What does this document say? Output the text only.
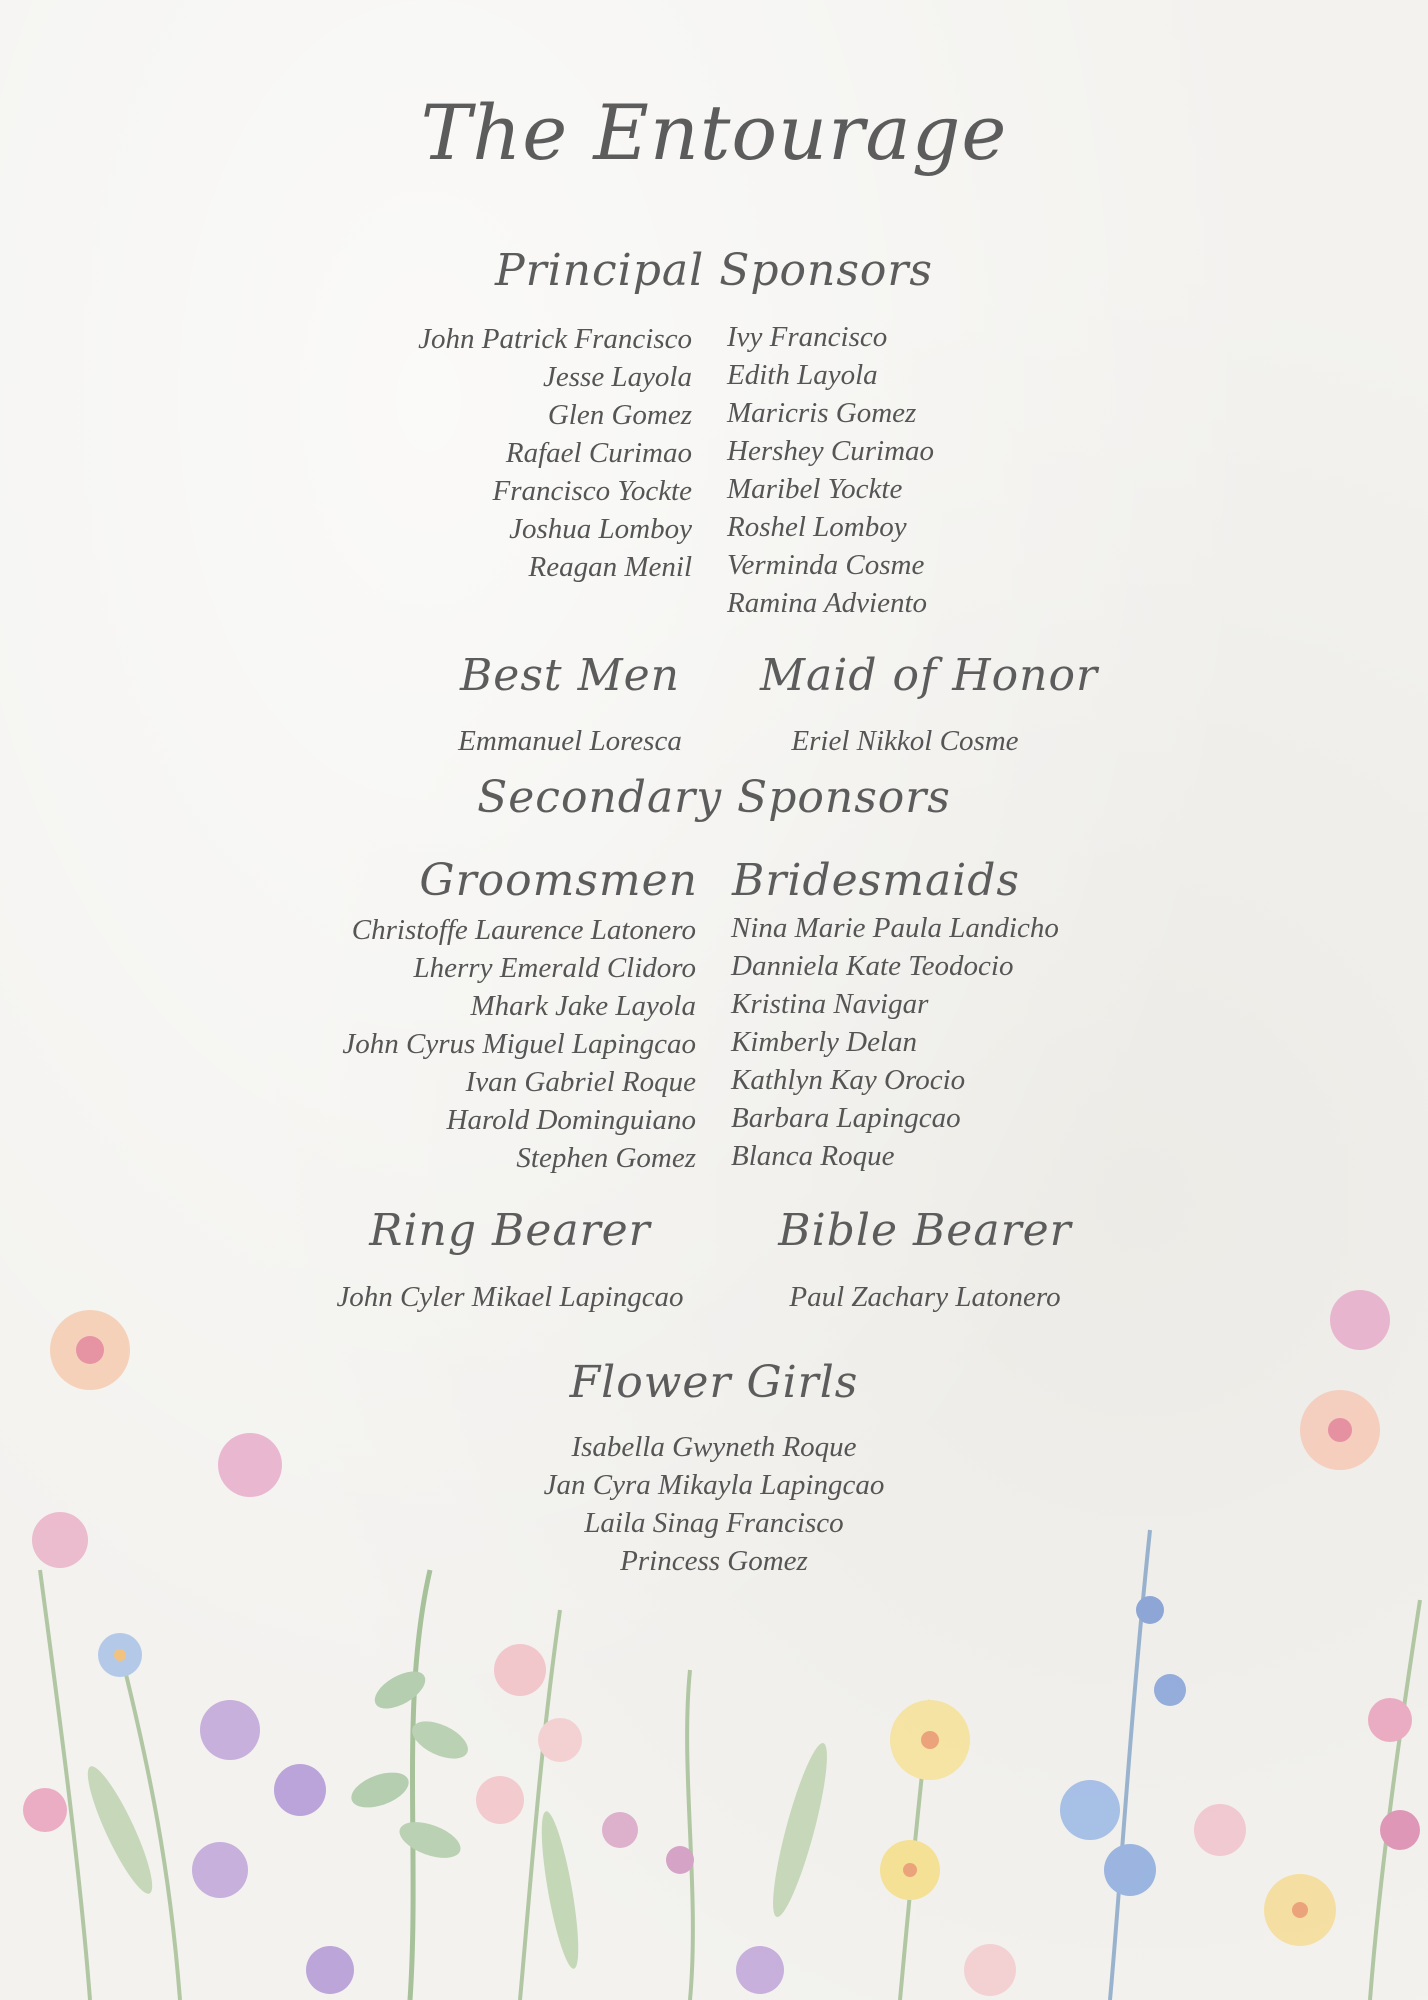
The Entourage
Principal Sponsors
John Patrick Francisco
Jesse Layola
Glen Gomez
Rafael Curimao
Francisco Yockte
Joshua Lomboy
Reagan Menil
Ivy Francisco
Edith Layola
Maricris Gomez
Hershey Curimao
Maribel Yockte
Roshel Lomboy
Verminda Cosme
Ramina Adviento
Best Men
Emmanuel Loresca
Maid of Honor
Eriel Nikkol Cosme
Secondary Sponsors
Groomsmen Bridesmaids
Christoffe Laurence Latonero
Lherry Emerald Clidoro
Mhark Jake Layola
John Cyrus Miguel Lapingcao
Ivan Gabriel Roque
Harold Dominguiano
Stephen Gomez
Nina Marie Paula Landicho
Danniela Kate Teodocio
Kristina Navigar
Kimberly Delan
Kathlyn Kay Orocio
Barbara Lapingcao
Blanca Roque
Ring Bearer
John Cyler Mikael Lapingcao
Bible Bearer
Paul Zachary Latonero
Flower Girls
Isabella Gwyneth Roque
Jan Cyra Mikayla Lapingcao
Laila Sinag Francisco
Princess Gomez
